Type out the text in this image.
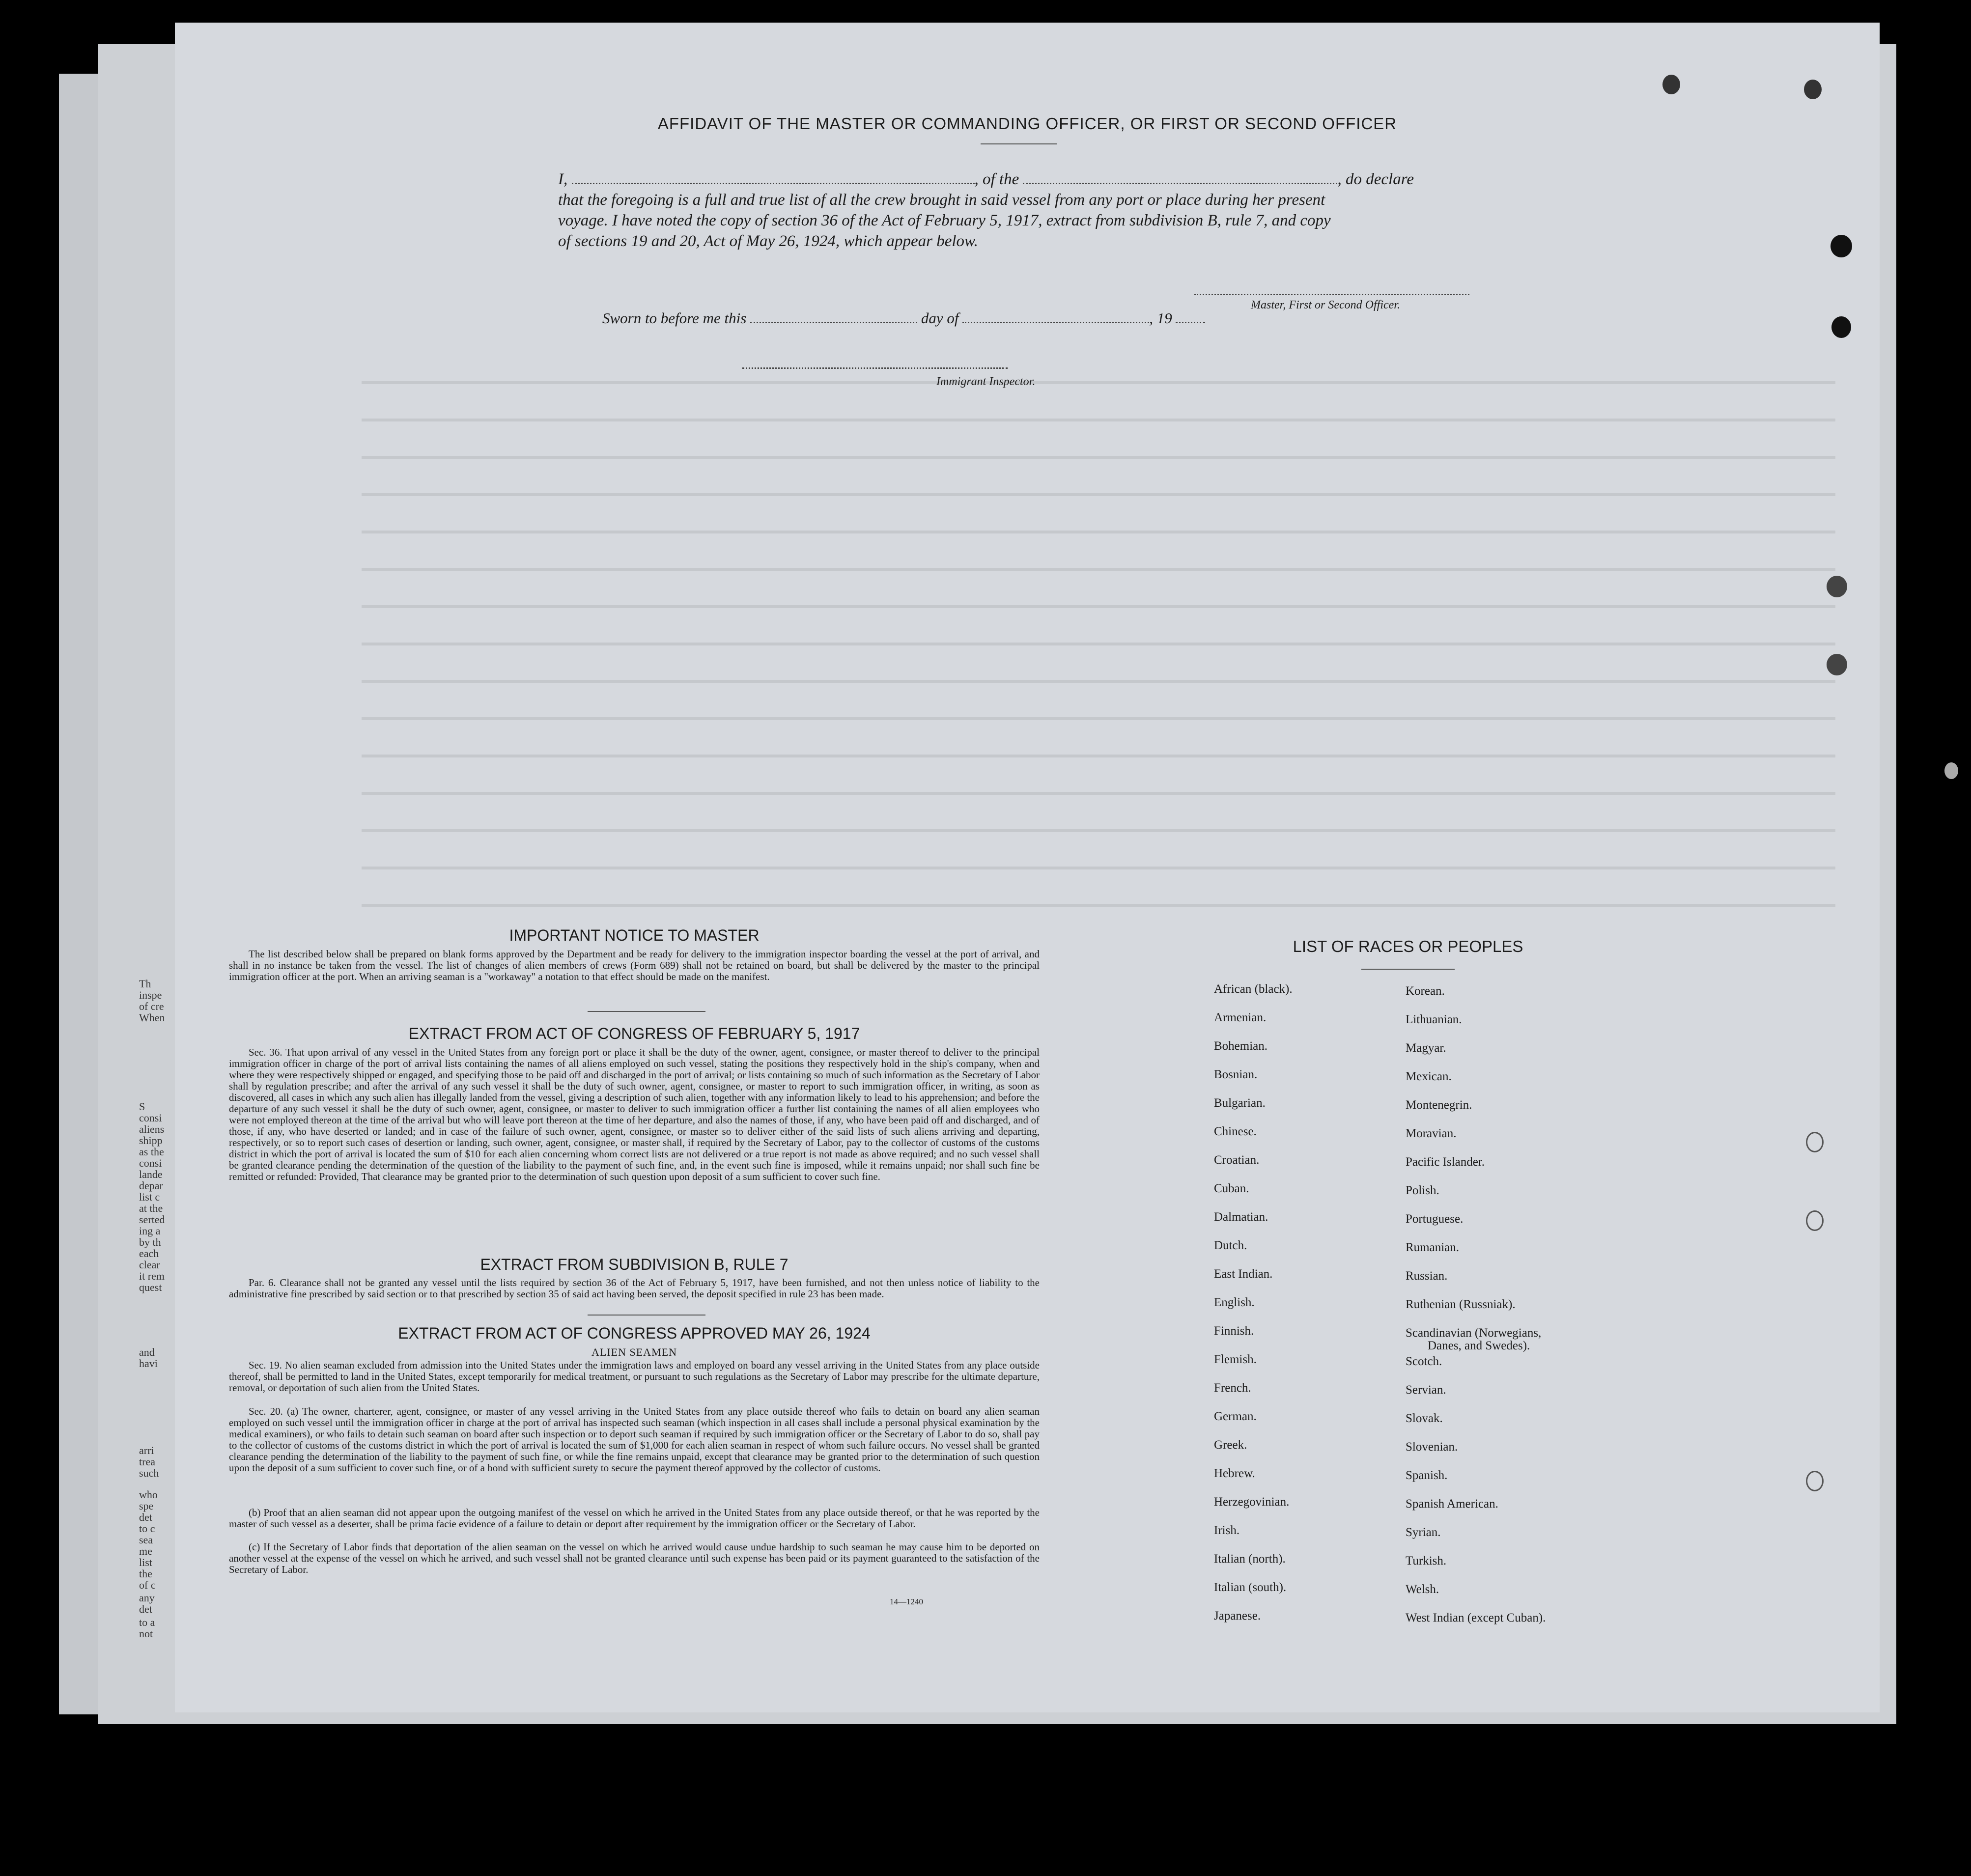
Th
inspe
of cre
When
S
consi
aliens
shipp
as the
consi
lande
depar
list c
at the
serted
ing a
by th
each
clear
it rem
quest
and
havi
arri
trea
such
who
spe
det
to c
sea
me
list
the
of c
any
det
to a
not
AFFIDAVIT OF THE MASTER OR COMMANDING OFFICER, OR FIRST OR SECOND OFFICER
I,	, of the	, do declare
that the foregoing is a full and true list of all the crew brought in said vessel from any port or place during her present
voyage. I have noted the copy of section 36 of the Act of February 5, 1917, extract from subdivision B, rule 7, and copy
of sections 19 and 20, Act of May 26, 1924, which appear below.
Master, First or Second Officer.
Sworn to before me this	day of	, 19
Immigrant Inspector.
IMPORTANT NOTICE TO MASTER
The list described below shall be prepared on blank forms approved by the Department and be ready for delivery to the immigration inspector boarding the vessel at the port of arrival, and shall in no instance be taken from the vessel. The list of changes of alien members of crews (Form 689) shall not be retained on board, but shall be delivered by the master to the principal immigration officer at the port. When an arriving seaman is a "workaway" a notation to that effect should be made on the manifest.
EXTRACT FROM ACT OF CONGRESS OF FEBRUARY 5, 1917
Sec. 36. That upon arrival of any vessel in the United States from any foreign port or place it shall be the duty of the owner, agent, consignee, or master thereof to deliver to the principal immigration officer in charge of the port of arrival lists containing the names of all aliens employed on such vessel, stating the positions they respectively hold in the ship's company, when and where they were respectively shipped or engaged, and specifying those to be paid off and discharged in the port of arrival; or lists containing so much of such information as the Secretary of Labor shall by regulation prescribe; and after the arrival of any such vessel it shall be the duty of such owner, agent, consignee, or master to report to such immigration officer, in writing, as soon as discovered, all cases in which any such alien has illegally landed from the vessel, giving a description of such alien, together with any information likely to lead to his apprehension; and before the departure of any such vessel it shall be the duty of such owner, agent, consignee, or master to deliver to such immigration officer a further list containing the names of all alien employees who were not employed thereon at the time of the arrival but who will leave port thereon at the time of her departure, and also the names of those, if any, who have been paid off and discharged, and of those, if any, who have deserted or landed; and in case of the failure of such owner, agent, consignee, or master so to deliver either of the said lists of such aliens arriving and departing, respectively, or so to report such cases of desertion or landing, such owner, agent, consignee, or master shall, if required by the Secretary of Labor, pay to the collector of customs of the customs district in which the port of arrival is located the sum of $10 for each alien concerning whom correct lists are not delivered or a true report is not made as above required; and no such vessel shall be granted clearance pending the determination of the question of the liability to the payment of such fine, and, in the event such fine is imposed, while it remains unpaid; nor shall such fine be remitted or refunded: Provided, That clearance may be granted prior to the determination of such question upon deposit of a sum sufficient to cover such fine.
EXTRACT FROM SUBDIVISION B, RULE 7
Par. 6. Clearance shall not be granted any vessel until the lists required by section 36 of the Act of February 5, 1917, have been furnished, and not then unless notice of liability to the administrative fine prescribed by said section or to that prescribed by section 35 of said act having been served, the deposit specified in rule 23 has been made.
EXTRACT FROM ACT OF CONGRESS APPROVED MAY 26, 1924
ALIEN SEAMEN
Sec. 19. No alien seaman excluded from admission into the United States under the immigration laws and employed on board any vessel arriving in the United States from any place outside thereof, shall be permitted to land in the United States, except temporarily for medical treatment, or pursuant to such regulations as the Secretary of Labor may prescribe for the ultimate departure, removal, or deportation of such alien from the United States.
Sec. 20. (a) The owner, charterer, agent, consignee, or master of any vessel arriving in the United States from any place outside thereof who fails to detain on board any alien seaman employed on such vessel until the immigration officer in charge at the port of arrival has inspected such seaman (which inspection in all cases shall include a personal physical examination by the medical examiners), or who fails to detain such seaman on board after such inspection or to deport such seaman if required by such immigration officer or the Secretary of Labor to do so, shall pay to the collector of customs of the customs district in which the port of arrival is located the sum of $1,000 for each alien seaman in respect of whom such failure occurs. No vessel shall be granted clearance pending the determination of the liability to the payment of such fine, or while the fine remains unpaid, except that clearance may be granted prior to the determination of such question upon the deposit of a sum sufficient to cover such fine, or of a bond with sufficient surety to secure the payment thereof approved by the collector of customs.
(b) Proof that an alien seaman did not appear upon the outgoing manifest of the vessel on which he arrived in the United States from any place outside thereof, or that he was reported by the master of such vessel as a deserter, shall be prima facie evidence of a failure to detain or deport after requirement by the immigration officer or the Secretary of Labor.
(c) If the Secretary of Labor finds that deportation of the alien seaman on the vessel on which he arrived would cause undue hardship to such seaman he may cause him to be deported on another vessel at the expense of the vessel on which he arrived, and such vessel shall not be granted clearance until such expense has been paid or its payment guaranteed to the satisfaction of the Secretary of Labor.
14—1240
LIST OF RACES OR PEOPLES
African (black).
Armenian.
Bohemian.
Bosnian.
Bulgarian.
Chinese.
Croatian.
Cuban.
Dalmatian.
Dutch.
East Indian.
English.
Finnish.
Flemish.
French.
German.
Greek.
Hebrew.
Herzegovinian.
Irish.
Italian (north).
Italian (south).
Japanese.
Korean.
Lithuanian.
Magyar.
Mexican.
Montenegrin.
Moravian.
Pacific Islander.
Polish.
Portuguese.
Rumanian.
Russian.
Ruthenian (Russniak).
Scandinavian (Norwegians,
Danes, and Swedes).
Scotch.
Servian.
Slovak.
Slovenian.
Spanish.
Spanish American.
Syrian.
Turkish.
Welsh.
West Indian (except Cuban).
